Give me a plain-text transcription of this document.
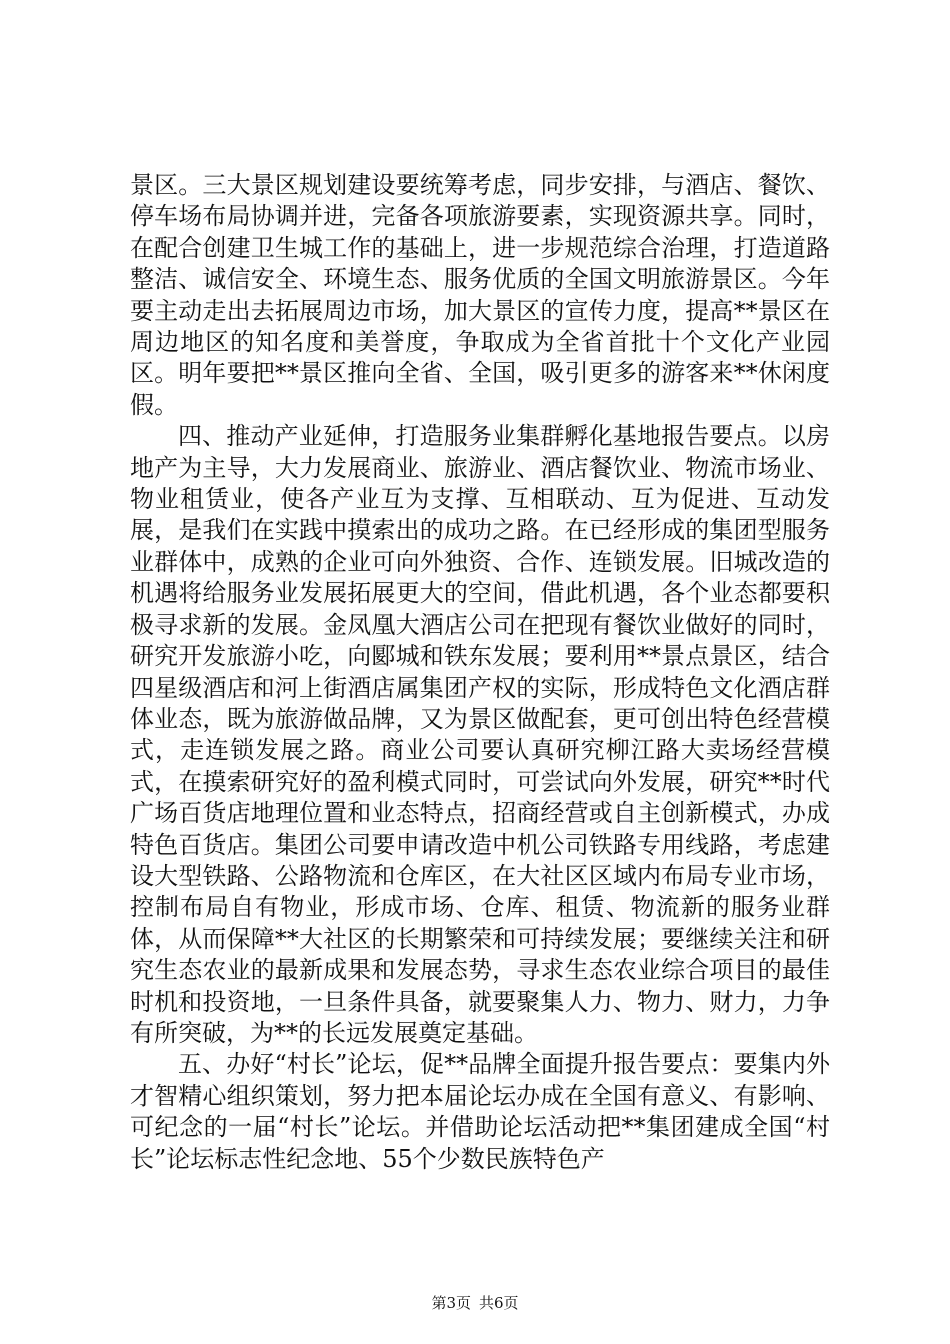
景区。三大景区规划建设要统筹考虑，同步安排，与酒店、餐饮、停车场布局协调并进，完备各项旅游要素，实现资源共享。同时，在配合创建卫生城工作的基础上，进一步规范综合治理，打造道路整洁、诚信安全、环境生态、服务优质的全国文明旅游景区。今年要主动走出去拓展周边市场，加大景区的宣传力度，提高**景区在周边地区的知名度和美誉度，争取成为全省首批十个文化产业园区。明年要把**景区推向全省、全国，吸引更多的游客来**休闲度假。

四、推动产业延伸，打造服务业集群孵化基地报告要点。以房地产为主导，大力发展商业、旅游业、酒店餐饮业、物流市场业、物业租赁业，使各产业互为支撑、互相联动、互为促进、互动发展，是我们在实践中摸索出的成功之路。在已经形成的集团型服务业群体中，成熟的企业可向外独资、合作、连锁发展。旧城改造的机遇将给服务业发展拓展更大的空间，借此机遇，各个业态都要积极寻求新的发展。金凤凰大酒店公司在把现有餐饮业做好的同时，研究开发旅游小吃，向郾城和铁东发展；要利用**景点景区，结合四星级酒店和河上街酒店属集团产权的实际，形成特色文化酒店群体业态，既为旅游做品牌，又为景区做配套，更可创出特色经营模式，走连锁发展之路。商业公司要认真研究柳江路大卖场经营模式，在摸索研究好的盈利模式同时，可尝试向外发展，研究**时代广场百货店地理位置和业态特点，招商经营或自主创新模式，办成特色百货店。集团公司要申请改造中机公司铁路专用线路，考虑建设大型铁路、公路物流和仓库区，在大社区区域内布局专业市场，控制布局自有物业，形成市场、仓库、租赁、物流新的服务业群体，从而保障**大社区的长期繁荣和可持续发展；要继续关注和研究生态农业的最新成果和发展态势，寻求生态农业综合项目的最佳时机和投资地，一旦条件具备，就要聚集人力、物力、财力，力争有所突破，为**的长远发展奠定基础。

五、办好“村长”论坛，促**品牌全面提升报告要点：要集内外才智精心组织策划，努力把本届论坛办成在全国有意义、有影响、可纪念的一届“村长”论坛。并借助论坛活动把**集团建成全国“村长”论坛标志性纪念地、55个少数民族特色产

第3页 共6页
